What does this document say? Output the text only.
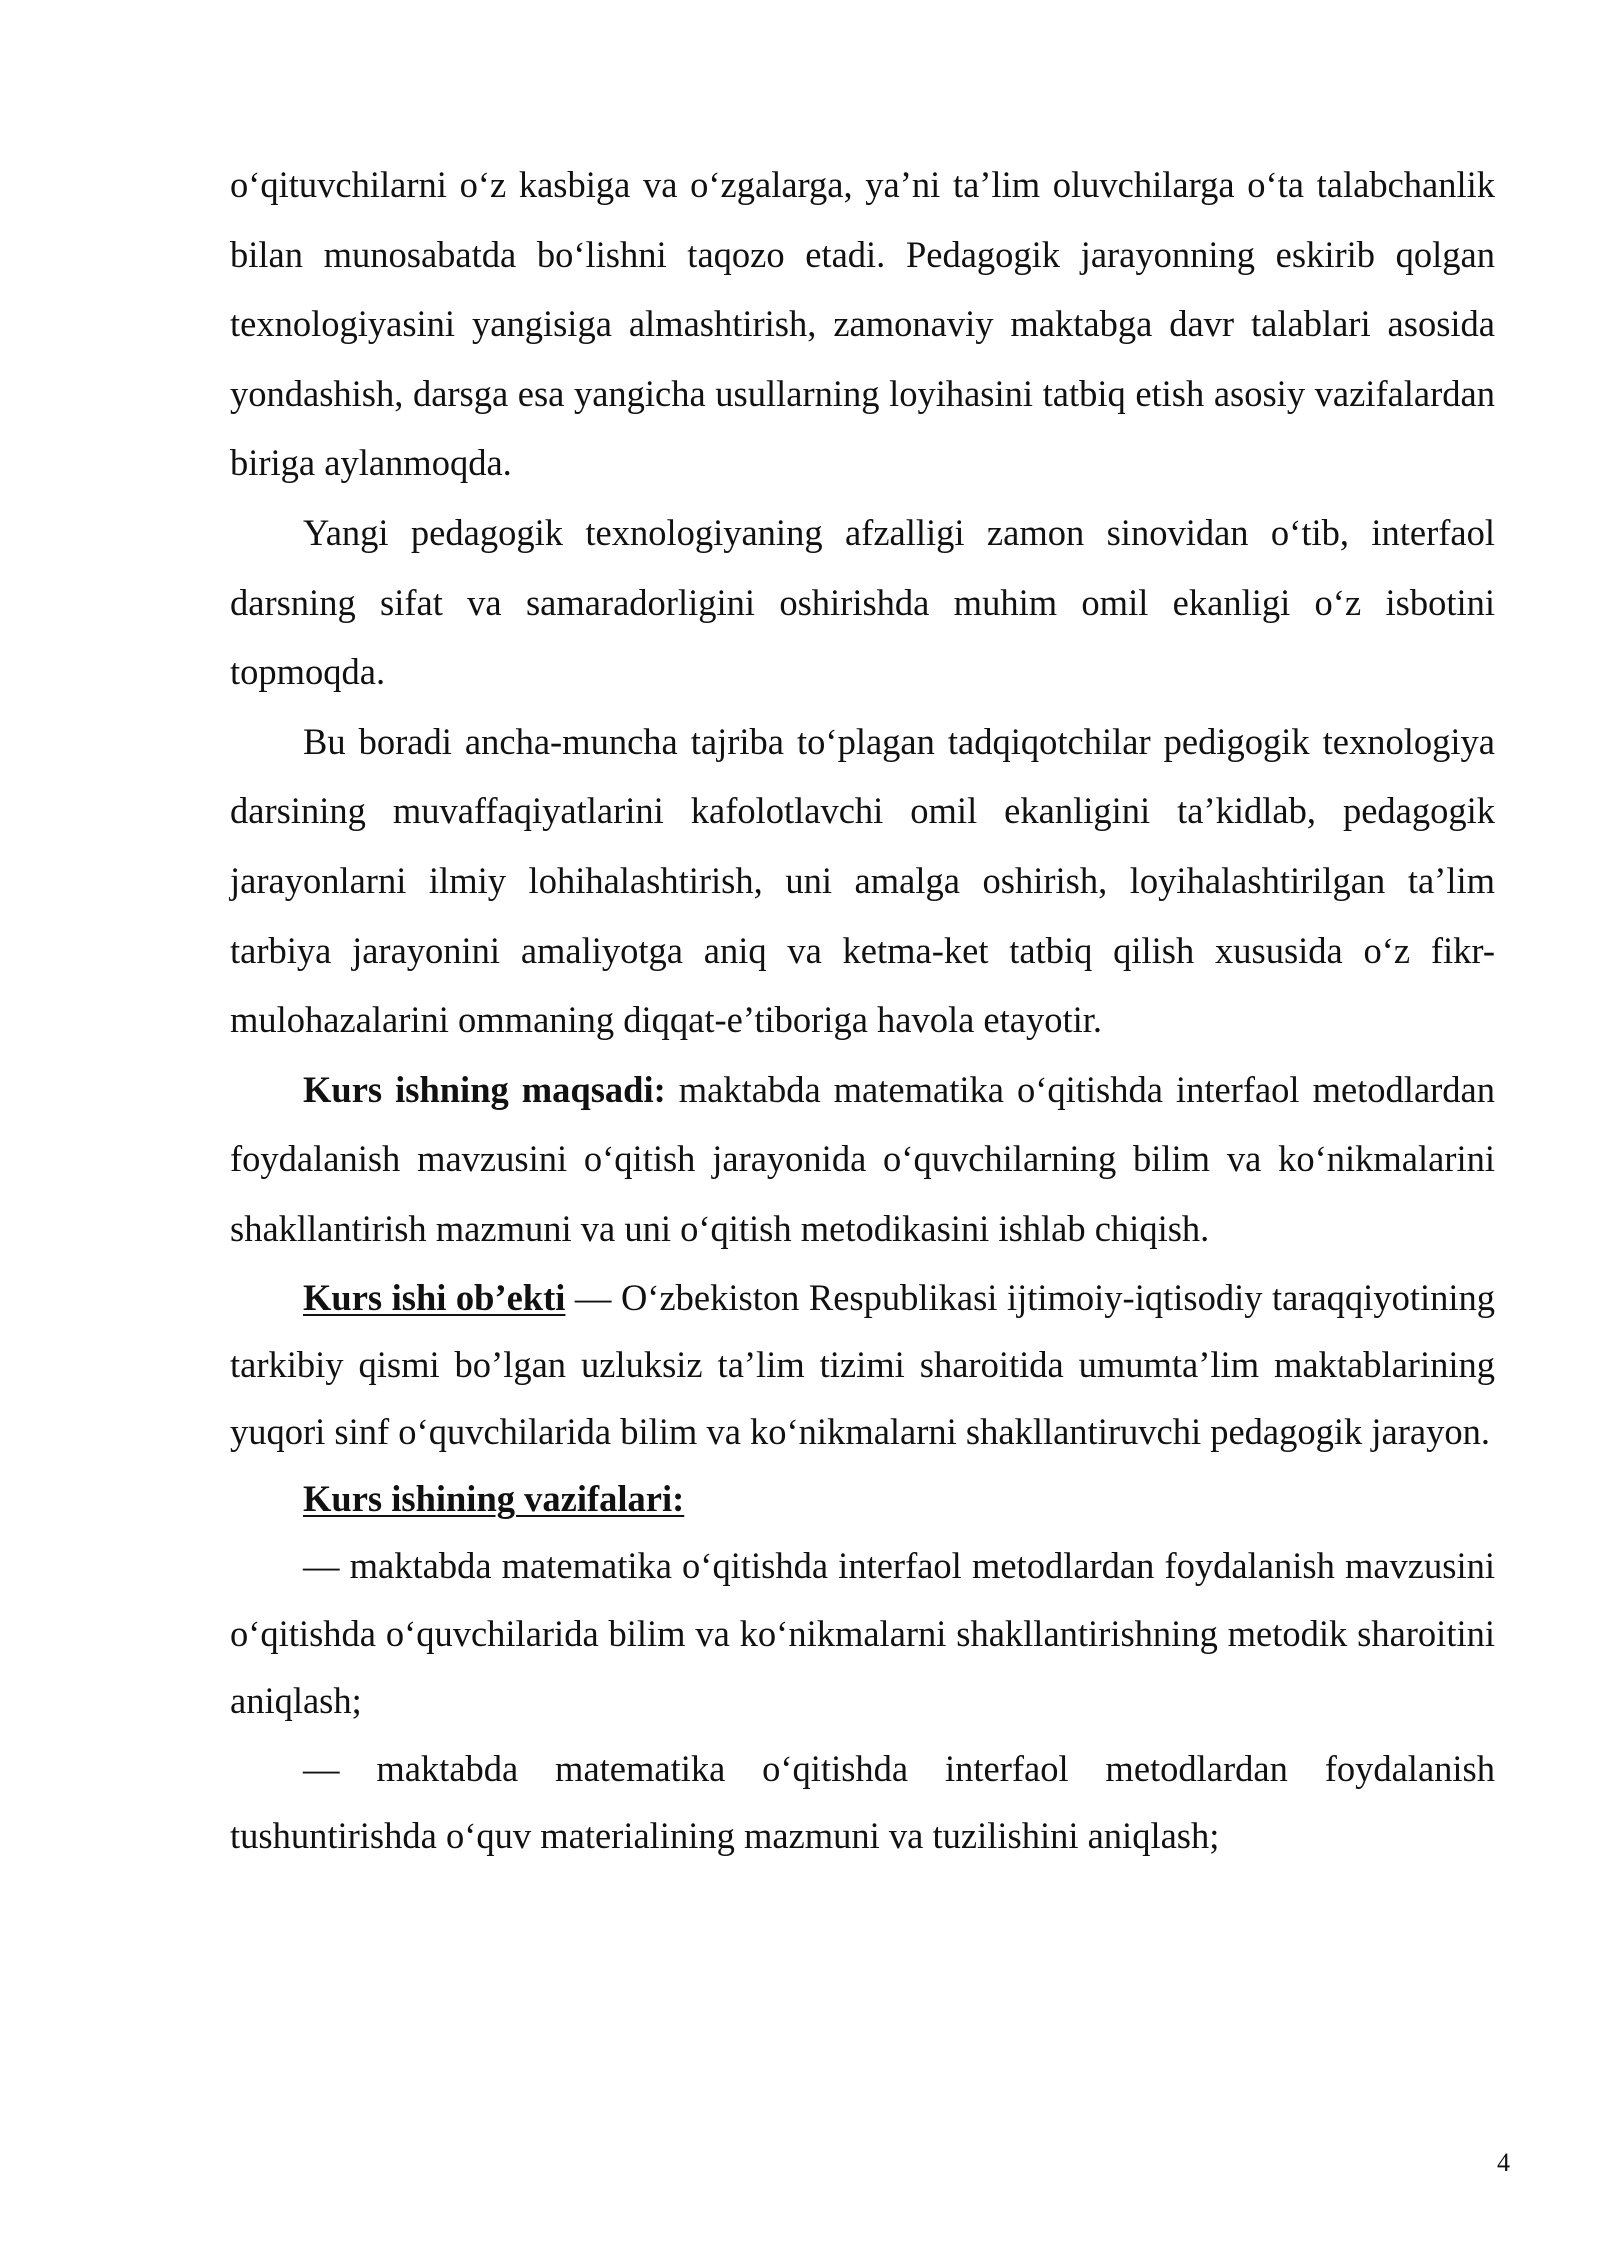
o‘qituvchilarni o‘z kasbiga va o‘zgalarga, ya’ni ta’lim oluvchilarga o‘ta talabchanlik bilan munosabatda bo‘lishni taqozo etadi. Pedagogik jarayonning eskirib qolgan texnologiyasini yangisiga almashtirish, zamonaviy maktabga davr talablari asosida yondashish, darsga esa yangicha usullarning loyihasini tatbiq etish asosiy vazifalardan biriga aylanmoqda.

Yangi pedagogik texnologiyaning afzalligi zamon sinovidan o‘tib, interfaol darsning sifat va samaradorligini oshirishda muhim omil ekanligi o‘z isbotini topmoqda.

Bu boradi ancha-muncha tajriba to‘plagan tadqiqotchilar pedigogik texnologiya darsining muvaffaqiyatlarini kafolotlavchi omil ekanligini ta’kidlab, pedagogik jarayonlarni ilmiy lohihalashtirish, uni amalga oshirish, loyihalashtirilgan ta’lim tarbiya jarayonini amaliyotga aniq va ketma-ket tatbiq qilish xususida o‘z fikr-mulohazalarini ommaning diqqat-e’tiboriga havola etayotir.

Kurs ishning maqsadi: maktabda matematika o‘qitishda interfaol metodlardan foydalanish mavzusini o‘qitish jarayonida o‘quvchilarning bilim va ko‘nikmalarini shakllantirish mazmuni va uni o‘qitish metodikasini ishlab chiqish.

Kurs ishi ob’ekti — O‘zbekiston Respublikasi ijtimoiy-iqtisodiy taraqqiyotining tarkibiy qismi bo’lgan uzluksiz ta’lim tizimi sharoitida umumta’lim maktablarining yuqori sinf o‘quvchilarida bilim va ko‘nikmalarni shakllantiruvchi pedagogik jarayon.

Kurs ishining vazifalari:

— maktabda matematika o‘qitishda interfaol metodlardan foydalanish mavzusini o‘qitishda o‘quvchilarida bilim va ko‘nikmalarni shakllantirishning metodik sharoitini aniqlash;

— maktabda matematika o‘qitishda interfaol metodlardan foydalanish tushuntirishda o‘quv materialining mazmuni va tuzilishini aniqlash;

4
